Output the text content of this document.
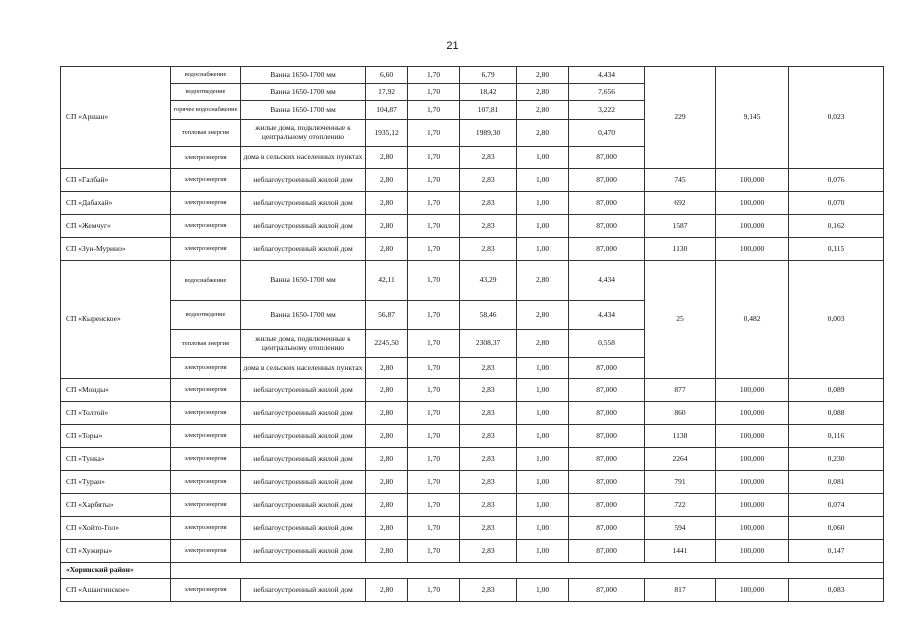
21
СП «Аршан»	водоснабжение	Ванна 1650-1700 мм	6,60	1,70	6,79	2,80	4,434	229	9,145	0,023
	водоотведение	Ванна 1650-1700 мм	17,92	1,70	18,42	2,80	7,656			
	горячее водоснабжение	Ванна 1650-1700 мм	104,87	1,70	107,81	2,80	3,222			
	тепловая энергия	жилые дома, подключенные к центральному отоплению	1935,12	1,70	1989,30	2,80	0,470			
	электроэнергия	дома в сельских населенных пунктах	2,80	1,70	2,83	1,00	87,000			
СП «Галбай»	электроэнергия	неблагоустроенный жилой дом	2,80	1,70	2,83	1,00	87,000	745	100,000	0,076
СП «Дабахай»	электроэнергия	неблагоустроенный жилой дом	2,80	1,70	2,83	1,00	87,000	692	100,000	0,070
СП «Жемчуг»	электроэнергия	неблагоустроенный жилой дом	2,80	1,70	2,83	1,00	87,000	1587	100,000	0,162
СП «Зун-Мурино»	электроэнергия	неблагоустроенный жилой дом	2,80	1,70	2,83	1,00	87,000	1130	100,000	0,115
СП «Кыренское»	водоснабжение	Ванна 1650-1700 мм	42,11	1,70	43,29	2,80	4,434	25	0,482	0,003
	водоотведение	Ванна 1650-1700 мм	56,87	1,70	58,46	2,80	4,434			
	тепловая энергия	жилые дома, подключенные к центральному отоплению	2245,50	1,70	2308,37	2,80	0,558			
	электроэнергия	дома в сельских населенных пунктах	2,80	1,70	2,83	1,00	87,000			
СП «Монды»	электроэнергия	неблагоустроенный жилой дом	2,80	1,70	2,83	1,00	87,000	877	100,000	0,089
СП «Толтой»	электроэнергия	неблагоустроенный жилой дом	2,80	1,70	2,83	1,00	87,000	860	100,000	0,088
СП «Торы»	электроэнергия	неблагоустроенный жилой дом	2,80	1,70	2,83	1,00	87,000	1138	100,000	0,116
СП «Тунка»	электроэнергия	неблагоустроенный жилой дом	2,80	1,70	2,83	1,00	87,000	2264	100,000	0,230
СП «Туран»	электроэнергия	неблагоустроенный жилой дом	2,80	1,70	2,83	1,00	87,000	791	100,000	0,081
СП «Харбяты»	электроэнергия	неблагоустроенный жилой дом	2,80	1,70	2,83	1,00	87,000	722	100,000	0,074
СП «Хойто-Гол»	электроэнергия	неблагоустроенный жилой дом	2,80	1,70	2,83	1,00	87,000	594	100,000	0,060
СП «Хужиры»	электроэнергия	неблагоустроенный жилой дом	2,80	1,70	2,83	1,00	87,000	1441	100,000	0,147
«Хоринский район»										
СП «Ашангинское»	электроэнергия	неблагоустроенный жилой дом	2,80	1,70	2,83	1,00	87,000	817	100,000	0,083
